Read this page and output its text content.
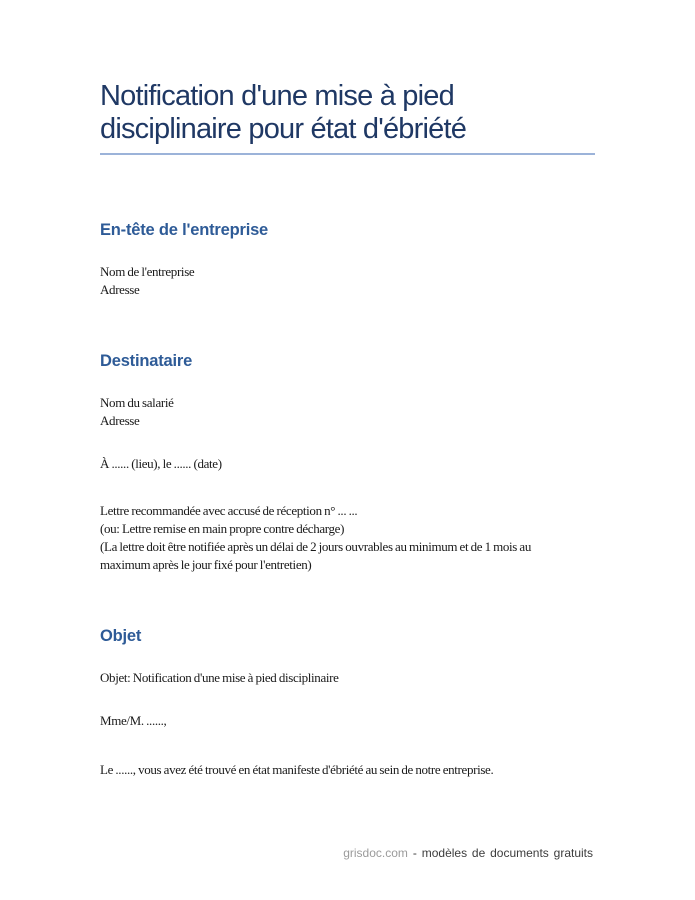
Notification d'une mise à pied
disciplinaire pour état d'ébriété
En-tête de l'entreprise
Nom de l'entreprise
Adresse
Destinataire
Nom du salarié
Adresse
À ...... (lieu), le ...... (date)
Lettre recommandée avec accusé de réception n° ... ...
(ou: Lettre remise en main propre contre décharge)
(La lettre doit être notifiée après un délai de 2 jours ouvrables au minimum et de 1 mois au
maximum après le jour fixé pour l'entretien)
Objet
Objet: Notification d'une mise à pied disciplinaire
Mme/M. ......,
Le ......, vous avez été trouvé en état manifeste d'ébriété au sein de notre entreprise.
grisdoc.com - modèles de documents gratuits
